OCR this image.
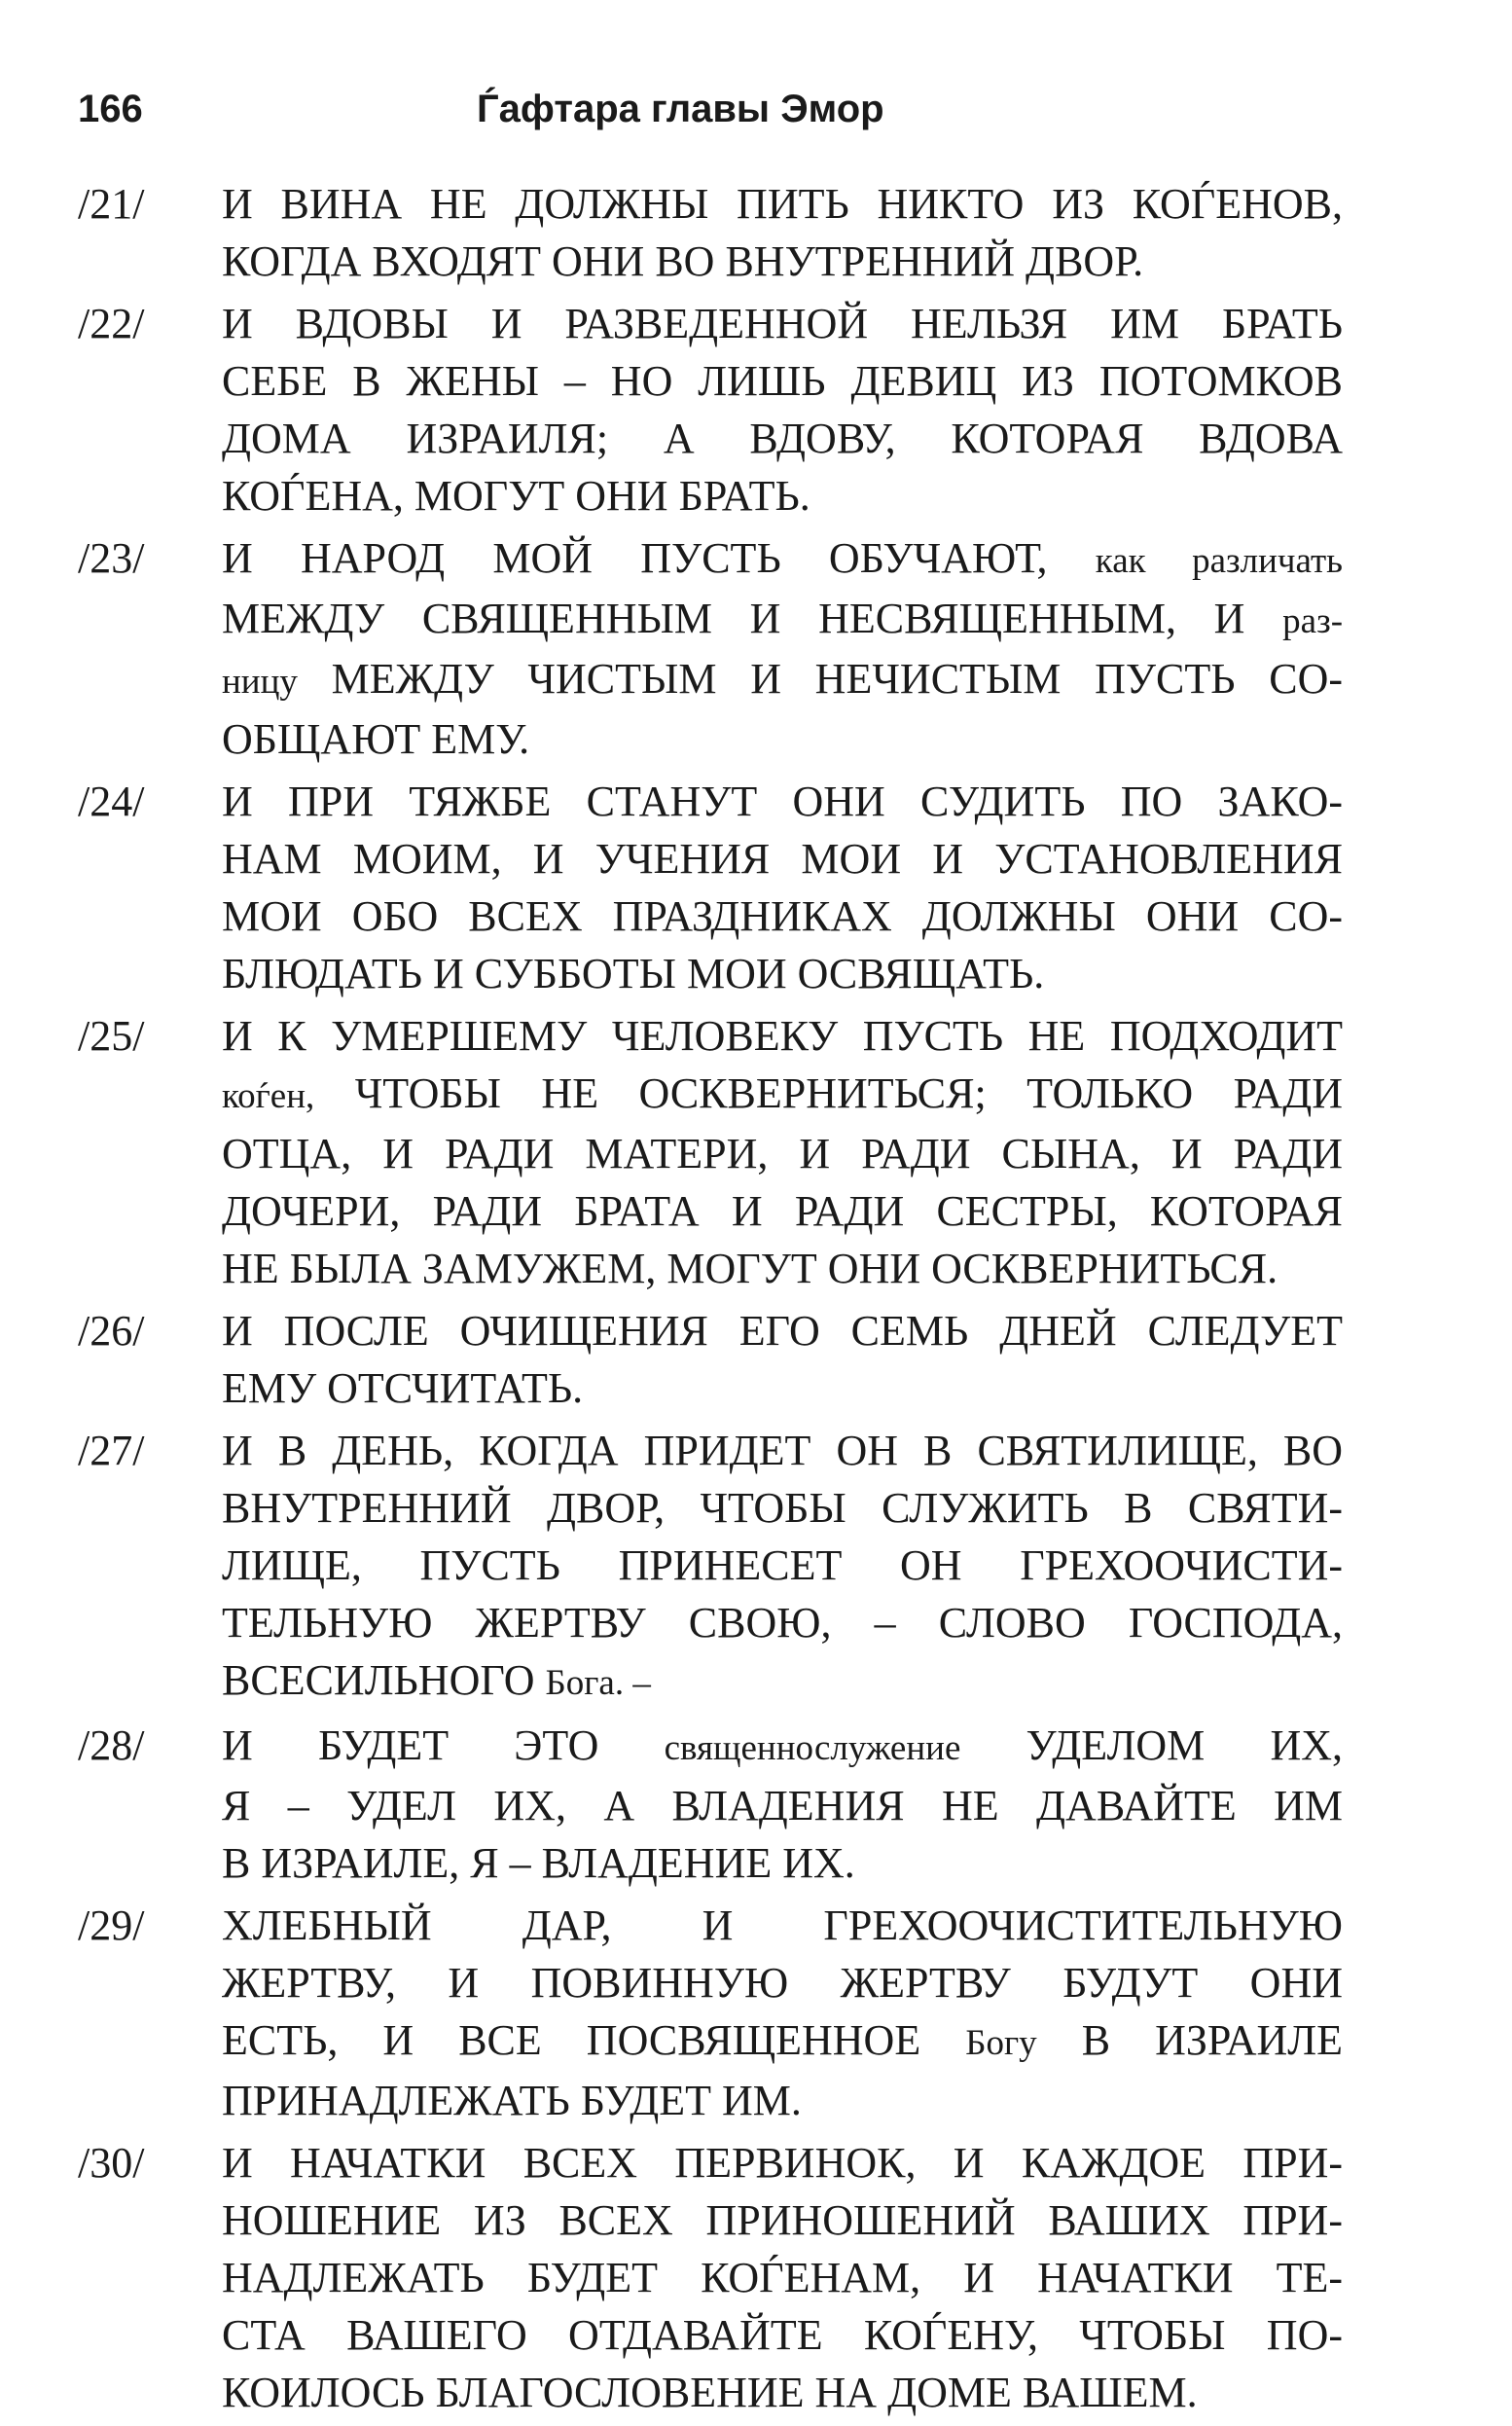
166	Ѓафтара главы Эмор
/21/	И ВИНА НЕ ДОЛЖНЫ ПИТЬ НИКТО ИЗ КОЃЕНОВ,
КОГДА ВХОДЯТ ОНИ ВО ВНУТРЕННИЙ ДВОР.
/22/	И ВДОВЫ И РАЗВЕДЕННОЙ НЕЛЬЗЯ ИМ БРАТЬ
СЕБЕ В ЖЕНЫ – НО ЛИШЬ ДЕВИЦ ИЗ ПОТОМКОВ
ДОМА ИЗРАИЛЯ; А ВДОВУ, КОТОРАЯ ВДОВА
КОЃЕНА, МОГУТ ОНИ БРАТЬ.
/23/	И НАРОД МОЙ ПУСТЬ ОБУЧАЮТ, как различать
МЕЖДУ СВЯЩЕННЫМ И НЕСВЯЩЕННЫМ, И раз-
ницу МЕЖДУ ЧИСТЫМ И НЕЧИСТЫМ ПУСТЬ СО-
ОБЩАЮТ ЕМУ.
/24/	И ПРИ ТЯЖБЕ СТАНУТ ОНИ СУДИТЬ ПО ЗАКО-
НАМ МОИМ, И УЧЕНИЯ МОИ И УСТАНОВЛЕНИЯ
МОИ ОБО ВСЕХ ПРАЗДНИКАХ ДОЛЖНЫ ОНИ СО-
БЛЮДАТЬ И СУББОТЫ МОИ ОСВЯЩАТЬ.
/25/	И К УМЕРШЕМУ ЧЕЛОВЕКУ ПУСТЬ НЕ ПОДХОДИТ
коѓен, ЧТОБЫ НЕ ОСКВЕРНИТЬСЯ; ТОЛЬКО РАДИ
ОТЦА, И РАДИ МАТЕРИ, И РАДИ СЫНА, И РАДИ
ДОЧЕРИ, РАДИ БРАТА И РАДИ СЕСТРЫ, КОТОРАЯ
НЕ БЫЛА ЗАМУЖЕМ, МОГУТ ОНИ ОСКВЕРНИТЬСЯ.
/26/	И ПОСЛЕ ОЧИЩЕНИЯ ЕГО СЕМЬ ДНЕЙ СЛЕДУЕТ
ЕМУ ОТСЧИТАТЬ.
/27/	И В ДЕНЬ, КОГДА ПРИДЕТ ОН В СВЯТИЛИЩЕ, ВО
ВНУТРЕННИЙ ДВОР, ЧТОБЫ СЛУЖИТЬ В СВЯТИ-
ЛИЩЕ, ПУСТЬ ПРИНЕСЕТ ОН ГРЕХООЧИСТИ-
ТЕЛЬНУЮ ЖЕРТВУ СВОЮ, – СЛОВО ГОСПОДА,
ВСЕСИЛЬНОГО Бога. –
/28/	И БУДЕТ ЭТО священнослужение УДЕЛОМ ИХ,
Я – УДЕЛ ИХ, А ВЛАДЕНИЯ НЕ ДАВАЙТЕ ИМ
В ИЗРАИЛЕ, Я – ВЛАДЕНИЕ ИХ.
/29/	ХЛЕБНЫЙ ДАР, И ГРЕХООЧИСТИТЕЛЬНУЮ
ЖЕРТВУ, И ПОВИННУЮ ЖЕРТВУ БУДУТ ОНИ
ЕСТЬ, И ВСЕ ПОСВЯЩЕННОЕ Богу В ИЗРАИЛЕ
ПРИНАДЛЕЖАТЬ БУДЕТ ИМ.
/30/	И НАЧАТКИ ВСЕХ ПЕРВИНОК, И КАЖДОЕ ПРИ-
НОШЕНИЕ ИЗ ВСЕХ ПРИНОШЕНИЙ ВАШИХ ПРИ-
НАДЛЕЖАТЬ БУДЕТ КОЃЕНАМ, И НАЧАТКИ ТЕ-
СТА ВАШЕГО ОТДАВАЙТЕ КОЃЕНУ, ЧТОБЫ ПО-
КОИЛОСЬ БЛАГОСЛОВЕНИЕ НА ДОМЕ ВАШЕМ.
